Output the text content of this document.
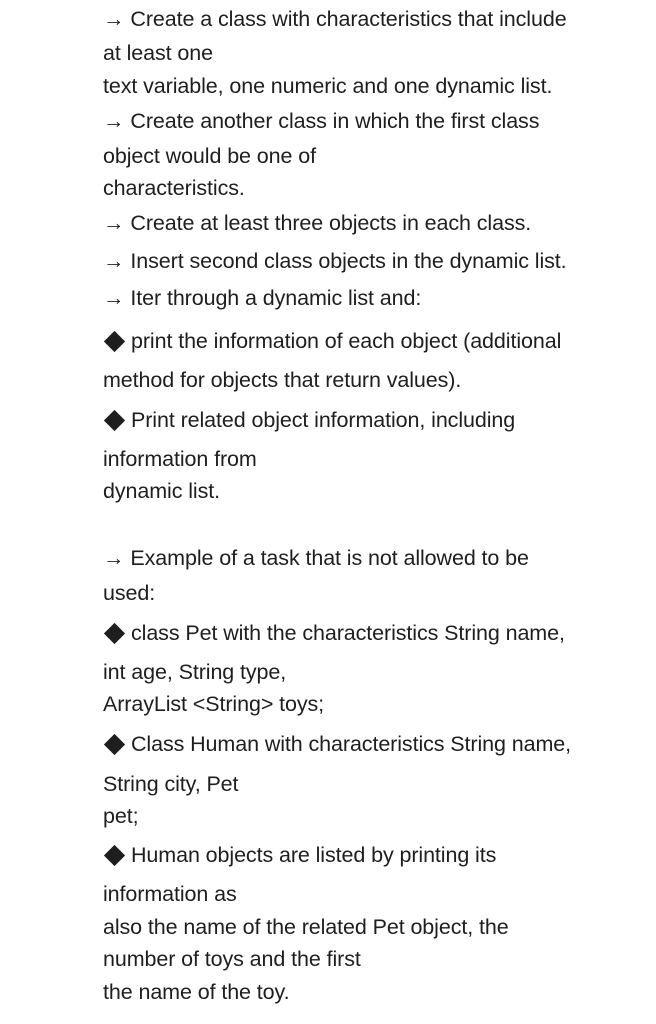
→ Create a class with characteristics that include
at least one
text variable, one numeric and one dynamic list.
→ Create another class in which the first class
object would be one of
characteristics.
→ Create at least three objects in each class.
→ Insert second class objects in the dynamic list.
→ Iter through a dynamic list and:
print the information of each object (additional
method for objects that return values).
Print related object information, including
information from
dynamic list.
→ Example of a task that is not allowed to be
used:
class Pet with the characteristics String name,
int age, String type,
ArrayList <String> toys;
Class Human with characteristics String name,
String city, Pet
pet;
Human objects are listed by printing its
information as
also the name of the related Pet object, the
number of toys and the first
the name of the toy.
